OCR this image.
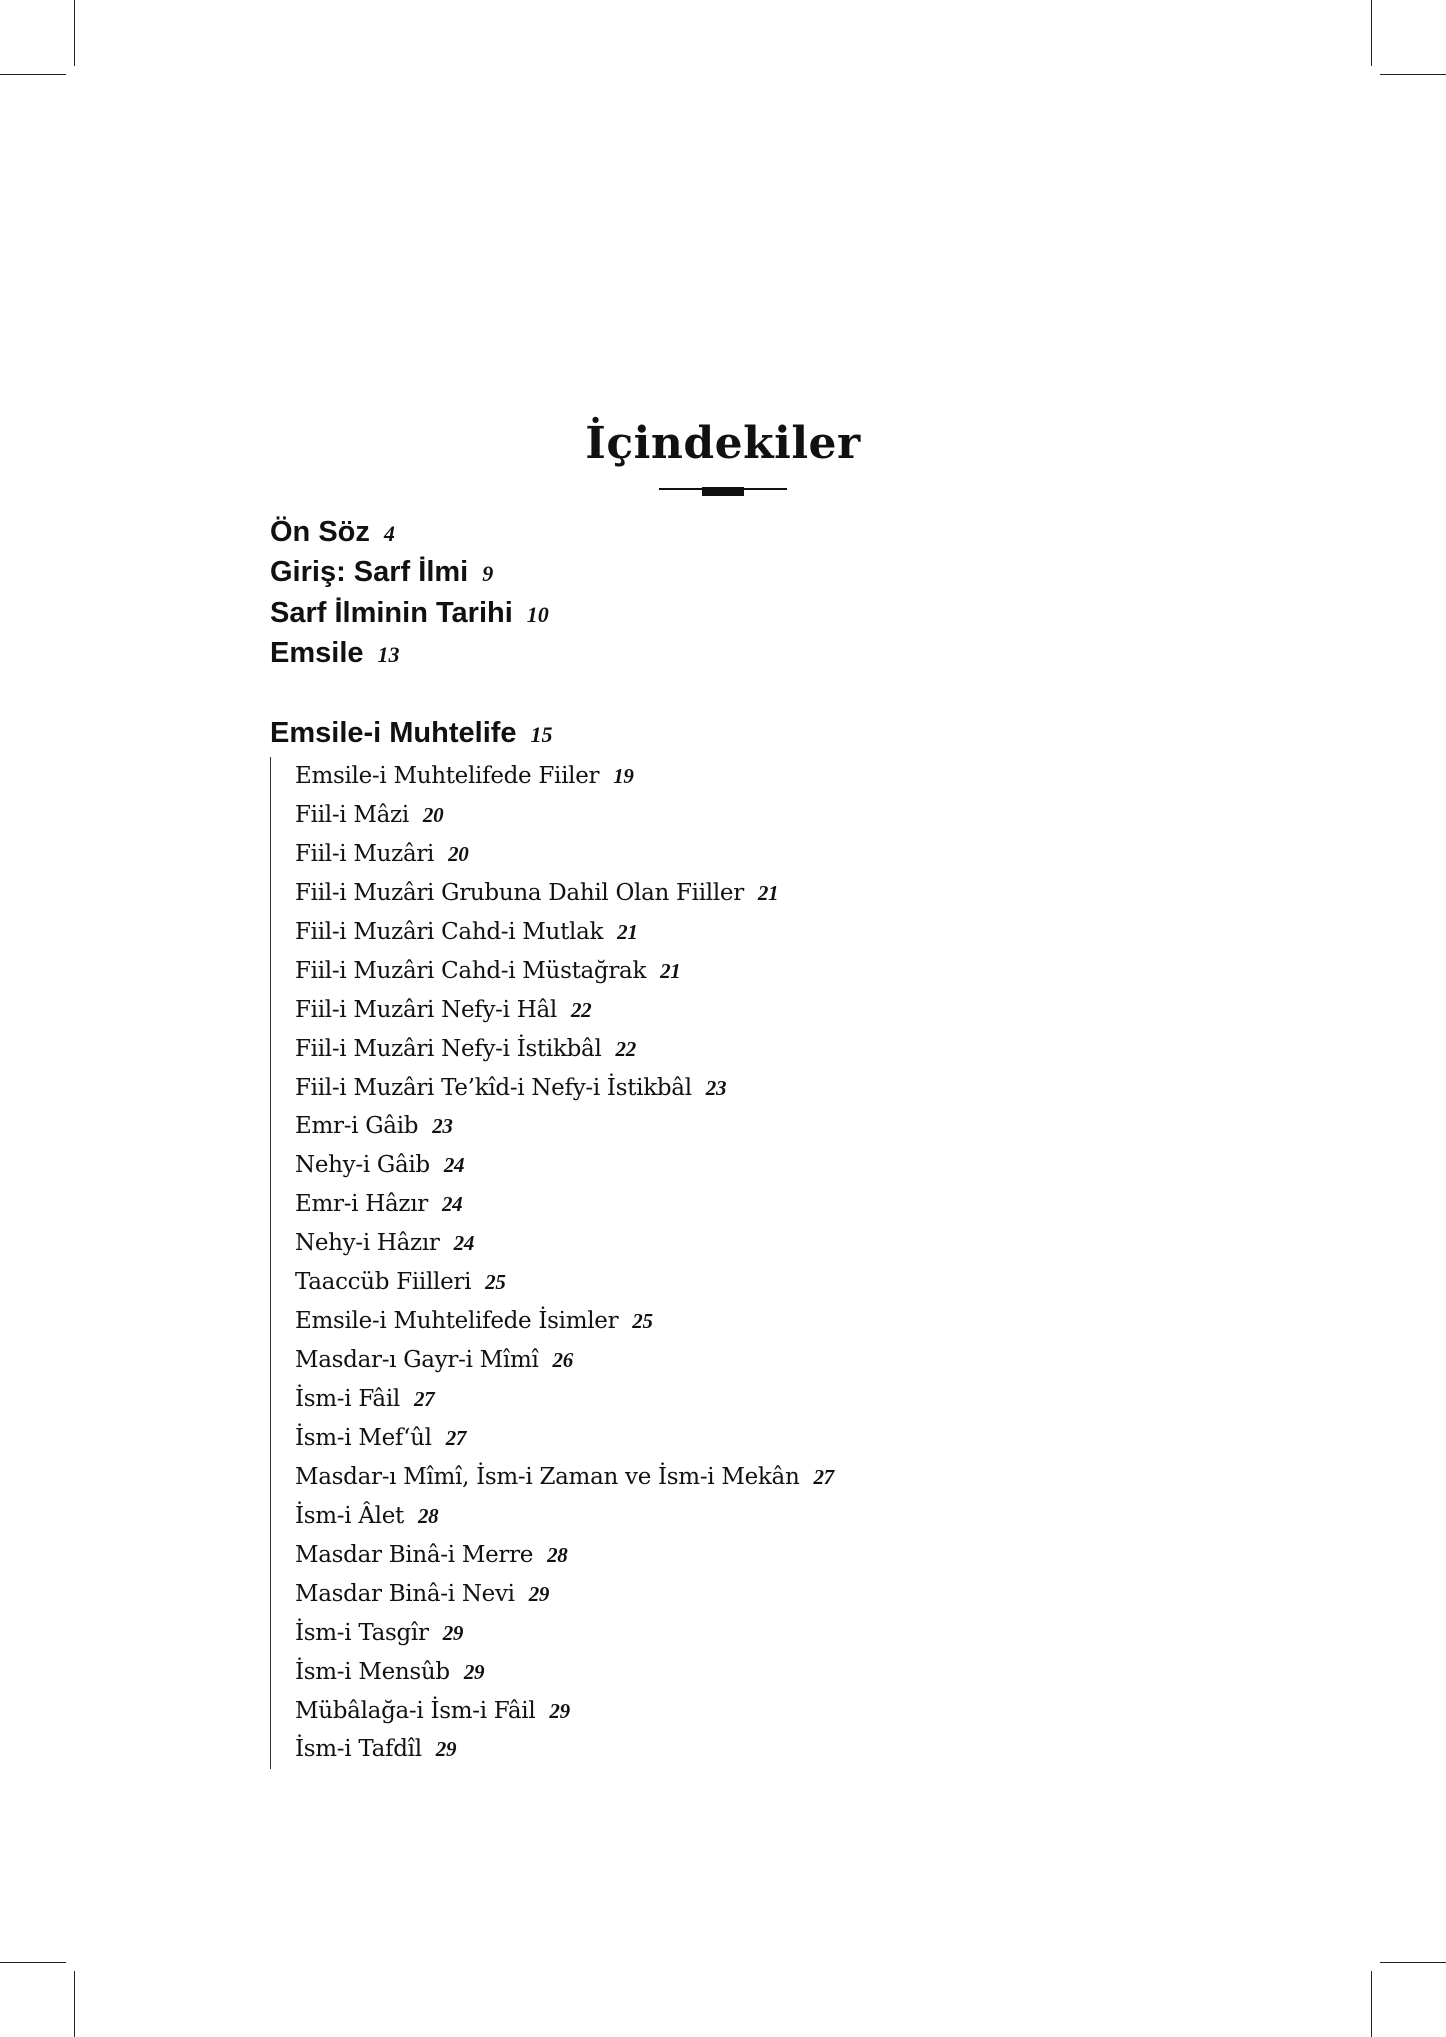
İçindekiler

Ön Söz 4

Giriş: Sarf İlmi 9

Sarf İlminin Tarihi 10

Emsile 13

Emsile-i Muhtelife 15

Emsile-i Muhtelifede Fiiler 19
Fiil-i Mâzi 20
Fiil-i Muzâri 20
Fiil-i Muzâri Grubuna Dahil Olan Fiiller 21
Fiil-i Muzâri Cahd-i Mutlak 21
Fiil-i Muzâri Cahd-i Müstağrak 21
Fiil-i Muzâri Nefy-i Hâl 22
Fiil-i Muzâri Nefy-i İstikbâl 22
Fiil-i Muzâri Te’kîd-i Nefy-i İstikbâl 23
Emr-i Gâib 23
Nehy-i Gâib 24
Emr-i Hâzır 24
Nehy-i Hâzır 24
Taaccüb Fiilleri 25
Emsile-i Muhtelifede İsimler 25
Masdar-ı Gayr-i Mîmî 26
İsm-i Fâil 27
İsm-i Mef‘ûl 27
Masdar-ı Mîmî, İsm-i Zaman ve İsm-i Mekân 27
İsm-i Âlet 28
Masdar Binâ-i Merre 28
Masdar Binâ-i Nevi 29
İsm-i Tasgîr 29
İsm-i Mensûb 29
Mübâlağa-i İsm-i Fâil 29
İsm-i Tafdîl 29
